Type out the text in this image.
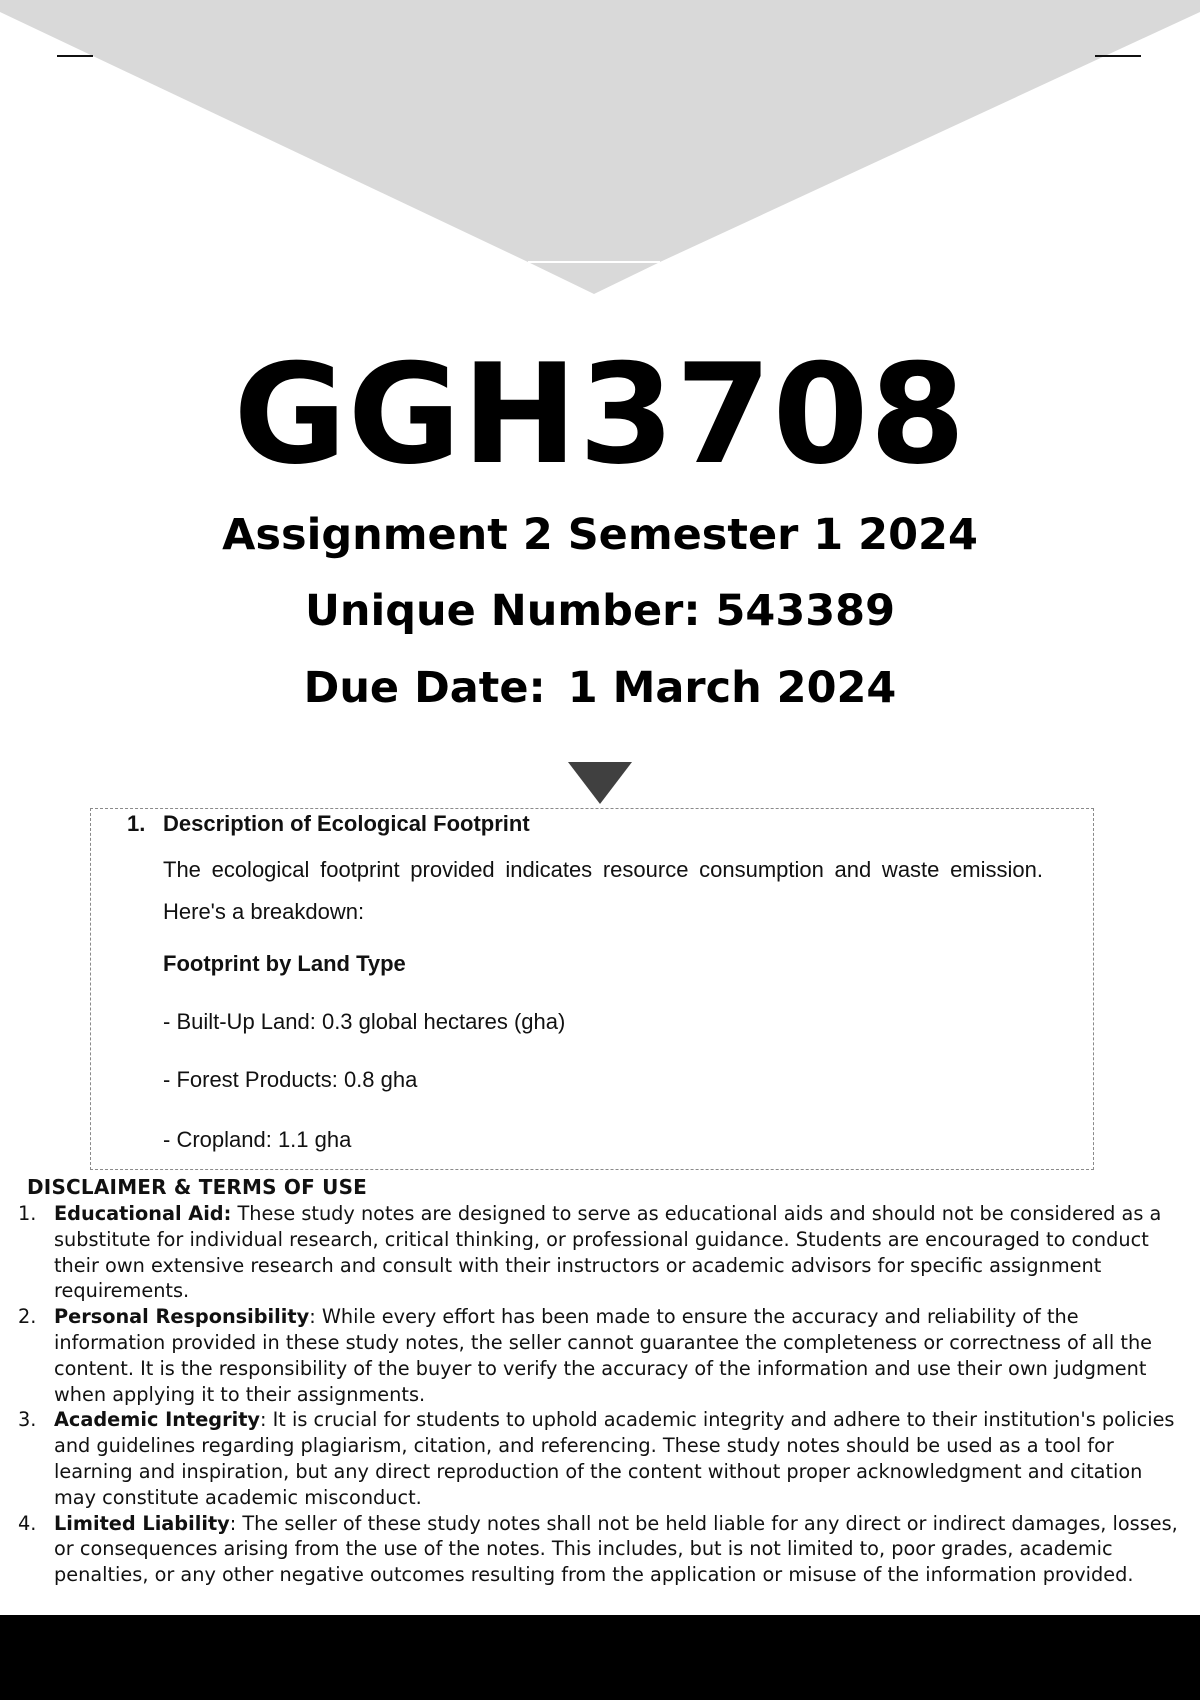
GGH3708
Assignment 2 Semester 1 2024
Unique Number: 543389
Due Date: 1 March 2024
1. Description of Ecological Footprint
The ecological footprint provided indicates resource consumption and waste emission. Here's a breakdown:
Footprint by Land Type
- Built-Up Land: 0.3 global hectares (gha)
- Forest Products: 0.8 gha
- Cropland: 1.1 gha
DISCLAIMER & TERMS OF USE
1. Educational Aid: These study notes are designed to serve as educational aids and should not be considered as a substitute for individual research, critical thinking, or professional guidance. Students are encouraged to conduct their own extensive research and consult with their instructors or academic advisors for specific assignment requirements.
2. Personal Responsibility: While every effort has been made to ensure the accuracy and reliability of the information provided in these study notes, the seller cannot guarantee the completeness or correctness of all the content. It is the responsibility of the buyer to verify the accuracy of the information and use their own judgment when applying it to their assignments.
3. Academic Integrity: It is crucial for students to uphold academic integrity and adhere to their institution's policies and guidelines regarding plagiarism, citation, and referencing. These study notes should be used as a tool for learning and inspiration, but any direct reproduction of the content without proper acknowledgment and citation may constitute academic misconduct.
4. Limited Liability: The seller of these study notes shall not be held liable for any direct or indirect damages, losses, or consequences arising from the use of the notes. This includes, but is not limited to, poor grades, academic penalties, or any other negative outcomes resulting from the application or misuse of the information provided.
